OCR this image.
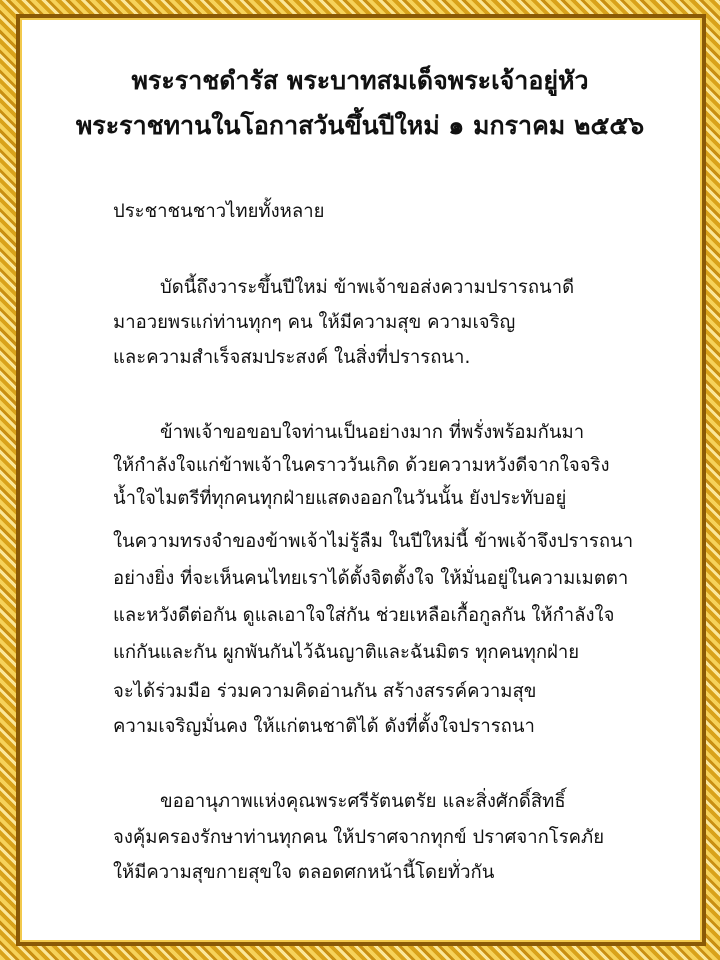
พระราชดำรัส พระบาทสมเด็จพระเจ้าอยู่หัว
พระราชทานในโอกาสวันขึ้นปีใหม่ ๑ มกราคม ๒๕๕๖
ประชาชนชาวไทยทั้งหลาย
บัดนี้ถึงวาระขึ้นปีใหม่ ข้าพเจ้าขอส่งความปรารถนาดี
มาอวยพรแก่ท่านทุกๆ คน ให้มีความสุข ความเจริญ
และความสำเร็จสมประสงค์ ในสิ่งที่ปรารถนา.
ข้าพเจ้าขอขอบใจท่านเป็นอย่างมาก ที่พรั่งพร้อมกันมา
ให้กำลังใจแก่ข้าพเจ้าในคราววันเกิด ด้วยความหวังดีจากใจจริง
น้ำใจไมตรีที่ทุกคนทุกฝ่ายแสดงออกในวันนั้น ยังประทับอยู่
ในความทรงจำของข้าพเจ้าไม่รู้ลืม ในปีใหม่นี้ ข้าพเจ้าจึงปรารถนา
อย่างยิ่ง ที่จะเห็นคนไทยเราได้ตั้งจิตตั้งใจ ให้มั่นอยู่ในความเมตตา
และหวังดีต่อกัน ดูแลเอาใจใส่กัน ช่วยเหลือเกื้อกูลกัน ให้กำลังใจ
แก่กันและกัน ผูกพันกันไว้ฉันญาติและฉันมิตร ทุกคนทุกฝ่าย
จะได้ร่วมมือ ร่วมความคิดอ่านกัน สร้างสรรค์ความสุข
ความเจริญมั่นคง ให้แก่ตนชาติได้ ดังที่ตั้งใจปรารถนา
ขออานุภาพแห่งคุณพระศรีรัตนตรัย และสิ่งศักดิ์สิทธิ์
จงคุ้มครองรักษาท่านทุกคน ให้ปราศจากทุกข์ ปราศจากโรคภัย
ให้มีความสุขกายสุขใจ ตลอดศกหน้านี้โดยทั่วกัน
